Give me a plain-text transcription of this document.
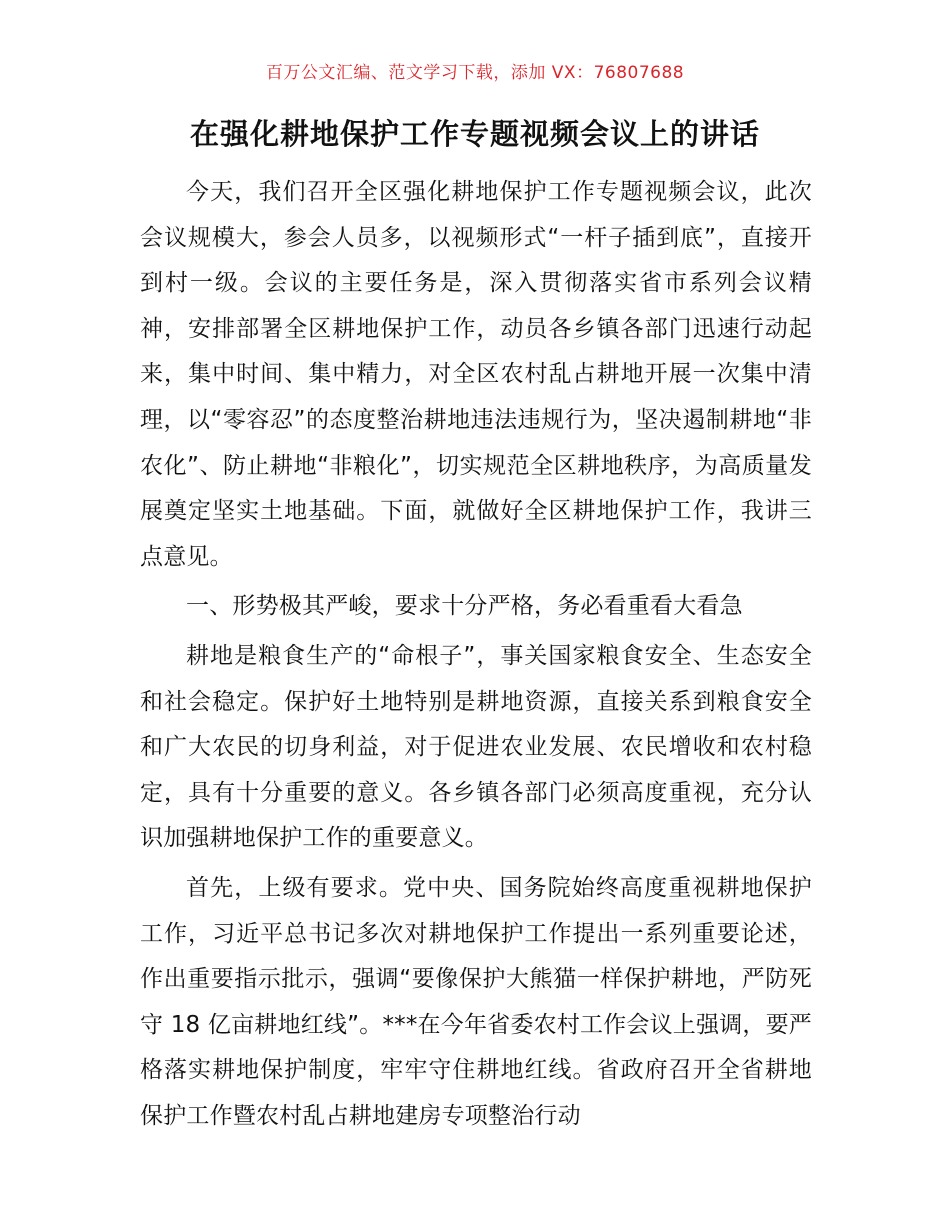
百万公文汇编、范文学习下载，添加 VX：76807688
在强化耕地保护工作专题视频会议上的讲话

今天，我们召开全区强化耕地保护工作专题视频会议，此次会议规模大，参会人员多，以视频形式“一杆子插到底”，直接开到村一级。会议的主要任务是，深入贯彻落实省市系列会议精神，安排部署全区耕地保护工作，动员各乡镇各部门迅速行动起来，集中时间、集中精力，对全区农村乱占耕地开展一次集中清理，以“零容忍”的态度整治耕地违法违规行为，坚决遏制耕地“非农化”、防止耕地“非粮化”，切实规范全区耕地秩序，为高质量发展奠定坚实土地基础。下面，就做好全区耕地保护工作，我讲三点意见。

一、形势极其严峻，要求十分严格，务必看重看大看急

耕地是粮食生产的“命根子”，事关国家粮食安全、生态安全和社会稳定。保护好土地特别是耕地资源，直接关系到粮食安全和广大农民的切身利益，对于促进农业发展、农民增收和农村稳定，具有十分重要的意义。各乡镇各部门必须高度重视，充分认识加强耕地保护工作的重要意义。

首先，上级有要求。党中央、国务院始终高度重视耕地保护工作，习近平总书记多次对耕地保护工作提出一系列重要论述，作出重要指示批示，强调“要像保护大熊猫一样保护耕地，严防死守 18 亿亩耕地红线”。***在今年省委农村工作会议上强调，要严格落实耕地保护制度，牢牢守住耕地红线。省政府召开全省耕地保护工作暨农村乱占耕地建房专项整治行动
